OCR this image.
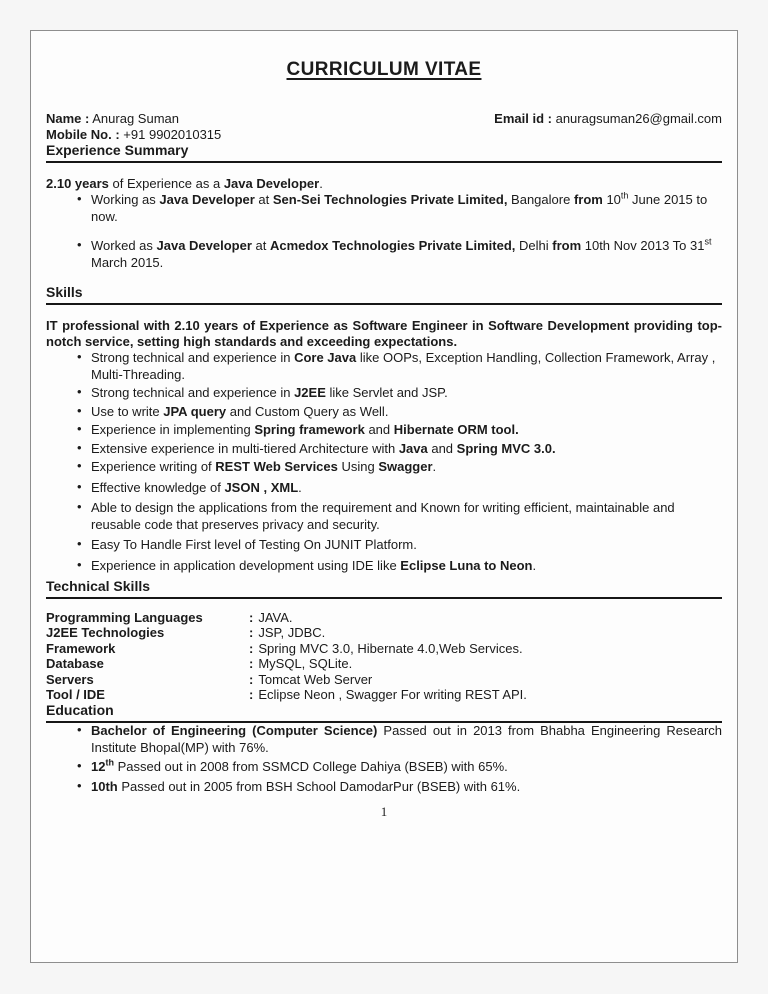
CURRICULUM VITAE
Name : Anurag Suman
Mobile No. : +91 9902010315
Email id : anuragsuman26@gmail.com
Experience Summary

2.10 years of Experience as a Java Developer.

• Working as Java Developer at Sen-Sei Technologies Private Limited, Bangalore from 10th June 2015 to now.
• Worked as Java Developer at Acmedox Technologies Private Limited, Delhi from 10th Nov 2013 To 31st March 2015.
Skills

IT professional with 2.10 years of Experience as Software Engineer in Software Development providing top-notch service, setting high standards and exceeding expectations.

• Strong technical and experience in Core Java like OOPs, Exception Handling, Collection Framework, Array , Multi-Threading.
• Strong technical and experience in J2EE like Servlet and JSP.
• Use to write JPA query and Custom Query as Well.
• Experience in implementing Spring framework and Hibernate ORM tool.
• Extensive experience in multi-tiered Architecture with Java and Spring MVC 3.0.
• Experience writing of REST Web Services Using Swagger.
• Effective knowledge of JSON , XML.
• Able to design the applications from the requirement and Known for writing efficient, maintainable and reusable code that preserves privacy and security.
• Easy To Handle First level of Testing On JUNIT Platform.
• Experience in application development using IDE like Eclipse Luna to Neon.
Technical Skills
Programming Languages	: JAVA.
J2EE Technologies	: JSP, JDBC.
Framework	: Spring MVC 3.0, Hibernate 4.0,Web Services.
Database	: MySQL, SQLite.
Servers	: Tomcat Web Server
Tool / IDE	: Eclipse Neon , Swagger For writing REST API.
Education
• Bachelor of Engineering (Computer Science) Passed out in 2013 from Bhabha Engineering Research Institute Bhopal(MP) with 76%.
• 12th Passed out in 2008 from SSMCD College Dahiya (BSEB) with 65%.
• 10th Passed out in 2005 from BSH School DamodarPur (BSEB) with 61%.
1
